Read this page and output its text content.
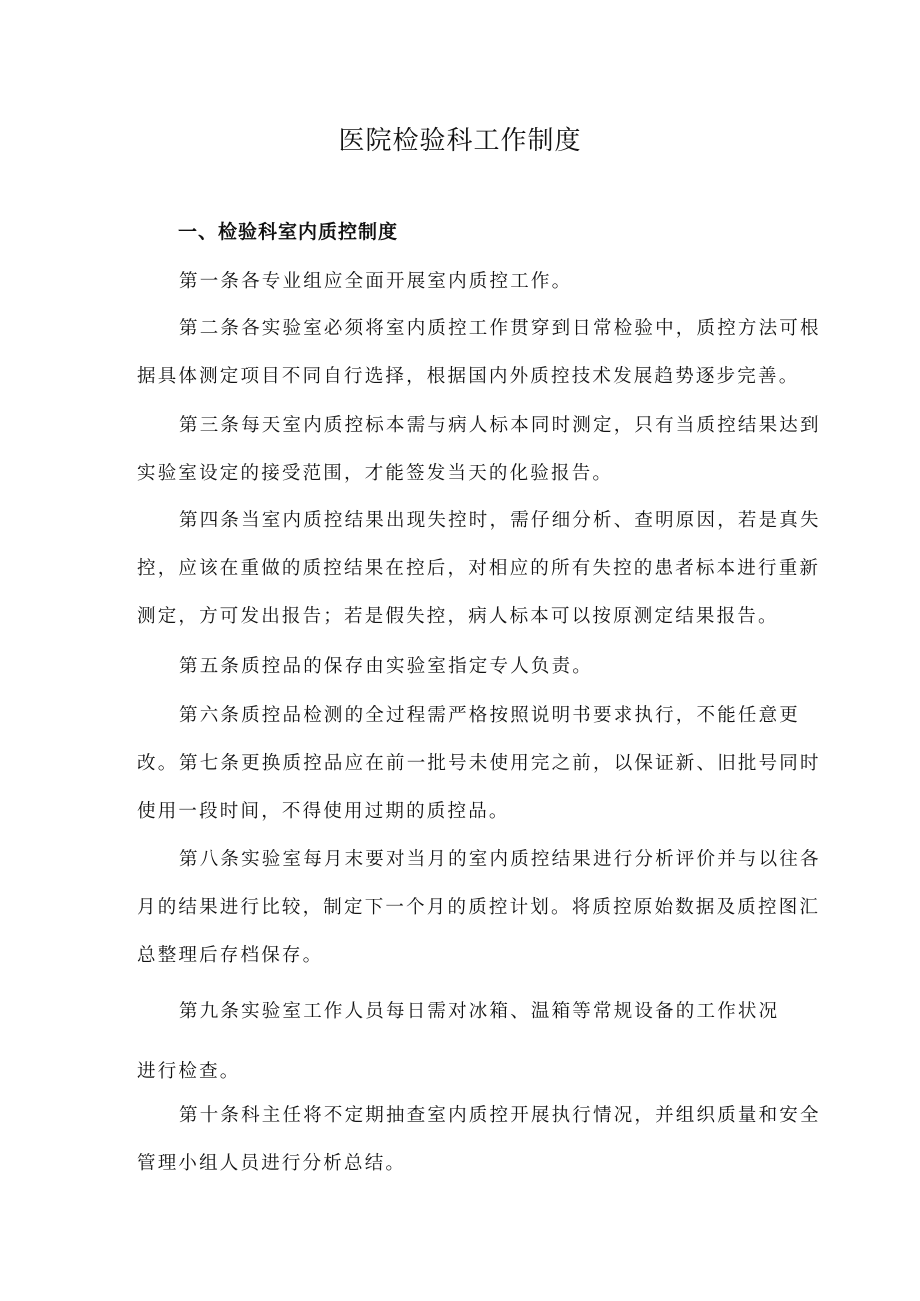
医院检验科工作制度
一、检验科室内质控制度

第一条各专业组应全面开展室内质控工作。

第二条各实验室必须将室内质控工作贯穿到日常检验中，质控方法可根据具体测定项目不同自行选择，根据国内外质控技术发展趋势逐步完善。

第三条每天室内质控标本需与病人标本同时测定，只有当质控结果达到实验室设定的接受范围，才能签发当天的化验报告。

第四条当室内质控结果出现失控时，需仔细分析、查明原因，若是真失控，应该在重做的质控结果在控后，对相应的所有失控的患者标本进行重新测定，方可发出报告；若是假失控，病人标本可以按原测定结果报告。

第五条质控品的保存由实验室指定专人负责。

第六条质控品检测的全过程需严格按照说明书要求执行，不能任意更改。 第七条更换质控品应在前一批号未使用完之前，以保证新、旧批号同时使用一段时间，不得使用过期的质控品。

第八条实验室每月末要对当月的室内质控结果进行分析评价并与以往各月的结果进行比较，制定下一个月的质控计划。将质控原始数据及质控图汇总整理后存档保存。

第九条实验室工作人员每日需对冰箱、温箱等常规设备的工作状况

进行检查。

第十条科主任将不定期抽查室内质控开展执行情况，并组织质量和安全管理小组人员进行分析总结。
